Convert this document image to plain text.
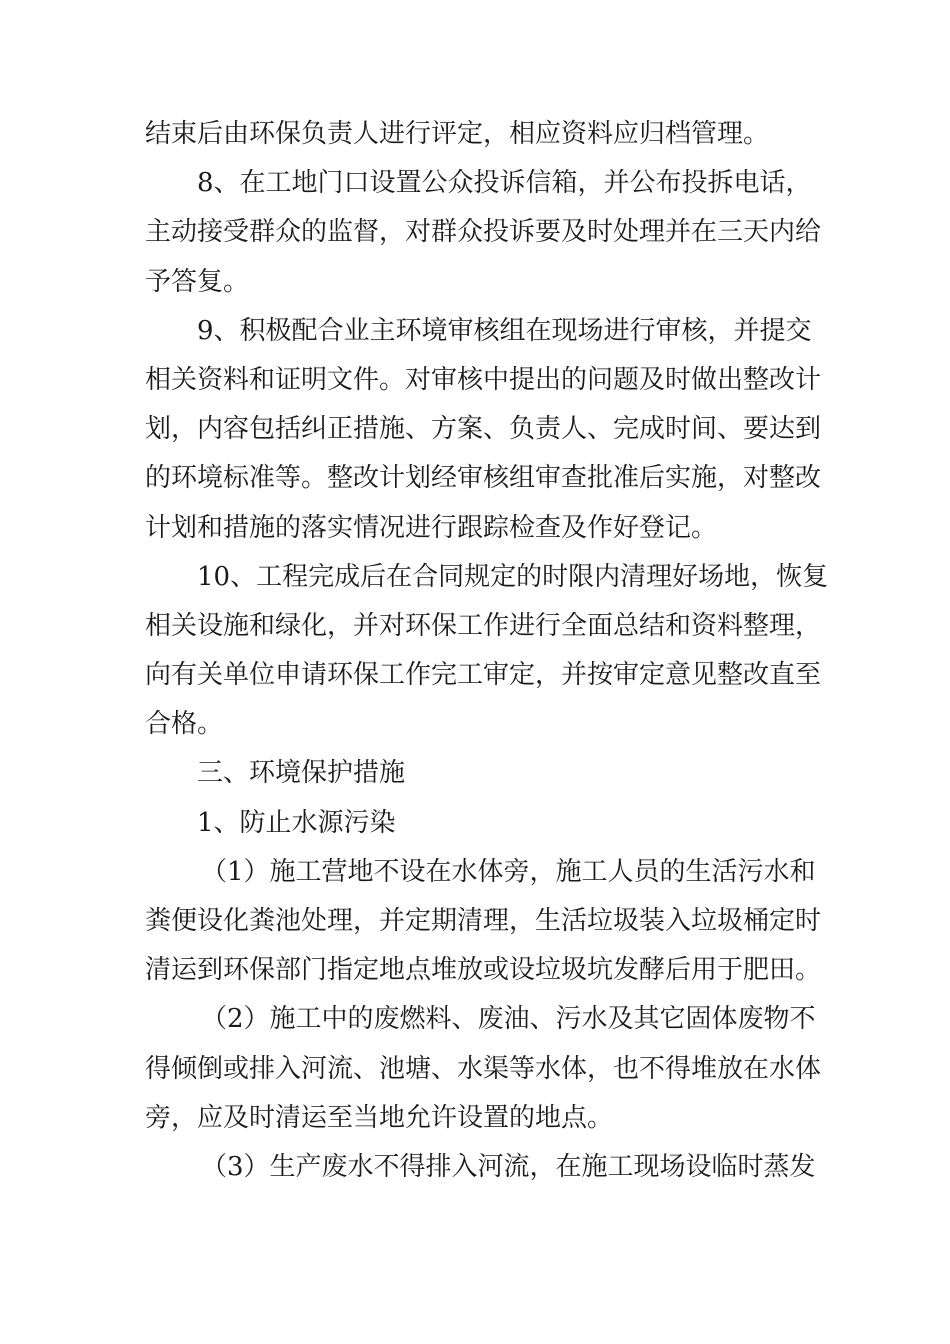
结束后由环保负责人进行评定，相应资料应归档管理。
8、在工地门口设置公众投诉信箱，并公布投拆电话，
主动接受群众的监督，对群众投诉要及时处理并在三天内给
予答复。
9、积极配合业主环境审核组在现场进行审核，并提交
相关资料和证明文件。对审核中提出的问题及时做出整改计
划，内容包括纠正措施、方案、负责人、完成时间、要达到
的环境标准等。整改计划经审核组审查批准后实施，对整改
计划和措施的落实情况进行跟踪检查及作好登记。
10、工程完成后在合同规定的时限内清理好场地，恢复
相关设施和绿化，并对环保工作进行全面总结和资料整理，
向有关单位申请环保工作完工审定，并按审定意见整改直至
合格。
三、环境保护措施
1、防止水源污染
（1）施工营地不设在水体旁，施工人员的生活污水和
粪便设化粪池处理，并定期清理，生活垃圾装入垃圾桶定时
清运到环保部门指定地点堆放或设垃圾坑发酵后用于肥田。
（2）施工中的废燃料、废油、污水及其它固体废物不
得倾倒或排入河流、池塘、水渠等水体，也不得堆放在水体
旁，应及时清运至当地允许设置的地点。
（3）生产废水不得排入河流，在施工现场设临时蒸发
